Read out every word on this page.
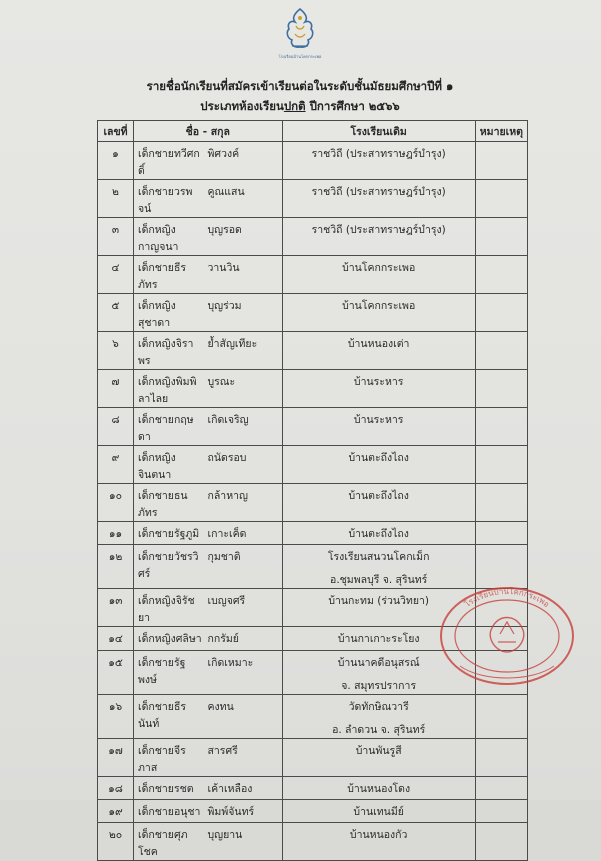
โรงเรียนบ้านโคกกระเพอ
รายชื่อนักเรียนที่สมัครเข้าเรียนต่อในระดับชั้นมัธยมศึกษาปีที่ ๑
ประเภทห้องเรียนปกติ ปีการศึกษา ๒๕๖๖
เลขที่	ชื่อ - สกุล		โรงเรียนเดิม	หมายเหตุ
๑	เด็กชายทวีศกดิ์	พิศวงค์	ราชวิถี (ประสาทราษฎร์บำรุง)	
๒	เด็กชายวรพจน์	คูณแสน	ราชวิถี (ประสาทราษฎร์บำรุง)	
๓	เด็กหญิงกาญจนา	บุญรอด	ราชวิถี (ประสาทราษฎร์บำรุง)	
๔	เด็กชายธีรภัทร	วานวิน	บ้านโคกกระเพอ	
๕	เด็กหญิงสุชาดา	บุญร่วม	บ้านโคกกระเพอ	
๖	เด็กหญิงจิราพร	ย้ำสัญเทียะ	บ้านหนองเต่า	
๗	เด็กหญิงพิมพิลาไลย	บูรณะ	บ้านระหาร	
๘	เด็กชายกฤษดา	เกิดเจริญ	บ้านระหาร	
๙	เด็กหญิงจินตนา	ถนัดรอบ	บ้านตะถึงไถง	
๑๐	เด็กชายธนภัทร	กล้าหาญ	บ้านตะถึงไถง	
๑๑	เด็กชายรัฐภูมิ	เกาะเค็ด	บ้านตะถึงไถง	
๑๒	เด็กชายวัชรวิศร์	กุมชาติ	โรงเรียนสนวนโคกเม็ก
อ.ชุมพลบุรี จ. สุรินทร์	

๑๓	เด็กหญิงจิรัชยา	เบญจศรี	บ้านกะทม (ร่วนวิทยา)	
๑๔	เด็กหญิงศลิษา	กกรัมย์	บ้านกาเกาะระโยง	
๑๕	เด็กชายรัฐพงษ์	เกิดเหมาะ	บ้านนาคดีอนุสรณ์
จ. สมุทรปราการ	

๑๖	เด็กชายธีรนันท์	คงทน	วัดทักษิณวารี
อ. ลำดวน จ. สุรินทร์	

๑๗	เด็กชายจีรภาส	สารศรี	บ้านพันรูสี	
๑๘	เด็กชายรชต	เค้าเหลือง	บ้านหนองโดง	
๑๙	เด็กชายอนุชา	พิมพ์จันทร์	บ้านเทนมีย์	
๒๐	เด็กชายศุภโชค	บุญยาน	บ้านหนองกัว	
โรงเรียนบ้านโคกกระเพอ
